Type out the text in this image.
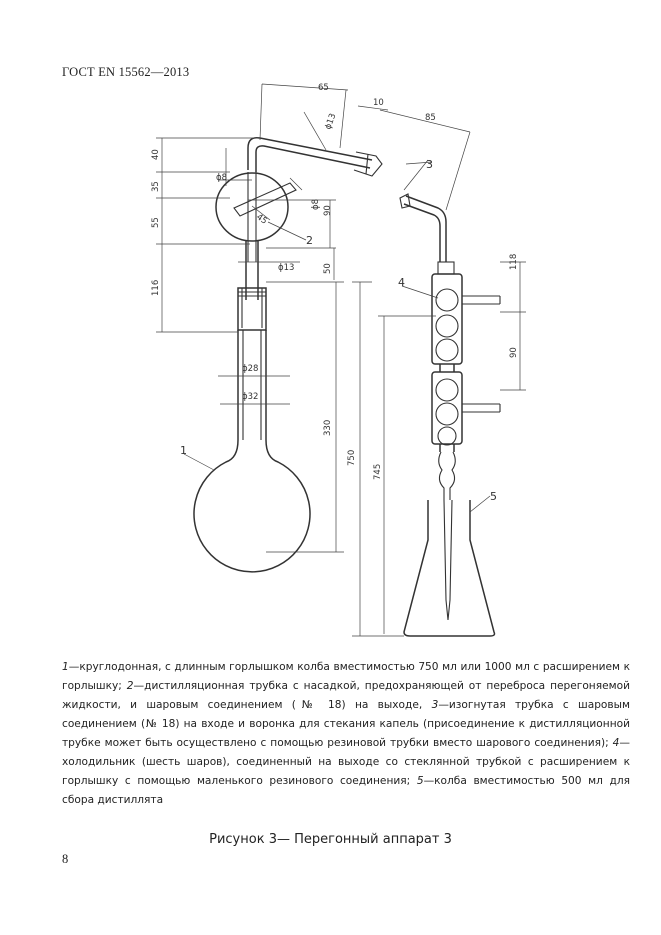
ГОСТ EN 15562—2013
65
10
85
40
35
55
116
ϕ8
ϕ13
ϕ8
90
45
ϕ13	50
ϕ28
ϕ32
330
750
745
118
90
1
2
3
4
5
1—круглодонная, с длинным горлышком колба вместимостью 750 мл или 1000 мл с расширением к горлышку; 2—дистилляционная трубка с насадкой, предохраняющей от переброса перегоняемой жидкости, и шаровым соединением (№ 18) на выходе, 3—изогнутая трубка с шаровым соединением (№ 18) на входе и воронка для стекания капель (присоединение к дистилляционной трубке может быть осуществлено с помощью резиновой трубки вместо шарового соединения); 4—холодильник (шесть шаров), соединенный на выходе со стеклянной трубкой с расширением к горлышку с помощью маленького резинового соединения; 5—колба вместимостью 500 мл для сбора дистиллята
Рисунок 3— Перегонный аппарат 3
8
